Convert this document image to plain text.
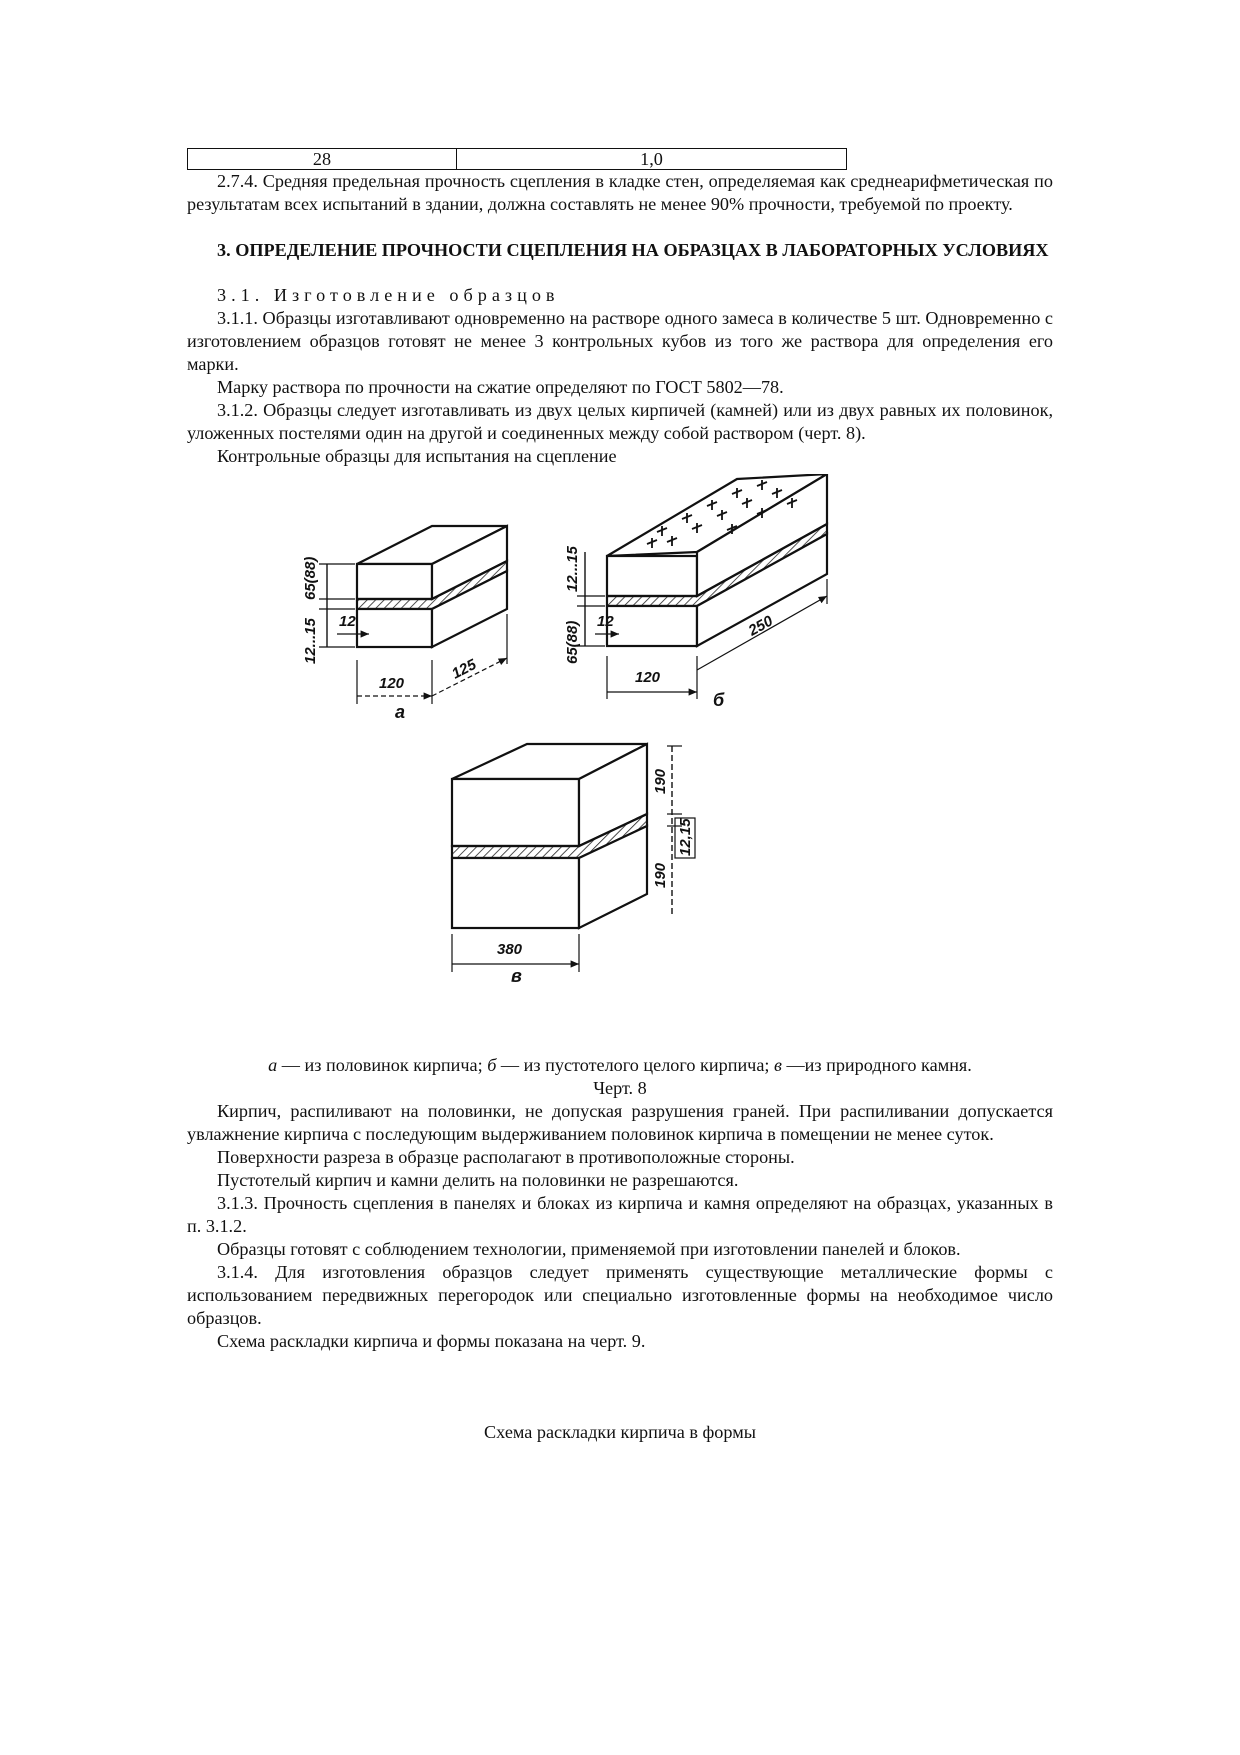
28	1,0

2.7.4. Средняя предельная прочность сцепления в кладке стен, определяемая как среднеарифметическая по результатам всех испытаний в здании, должна составлять не менее 90% прочности, требуемой по проекту.

3. ОПРЕДЕЛЕНИЕ ПРОЧНОСТИ СЦЕПЛЕНИЯ НА ОБРАЗЦАХ В ЛАБОРАТОРНЫХ УСЛОВИЯХ

3.1. Изготовление образцов

3.1.1. Образцы изготавливают одновременно на растворе одного замеса в количестве 5 шт. Одновременно с изготовлением образцов готовят не менее 3 контрольных кубов из того же раствора для определения его марки.

Марку раствора по прочности на сжатие определяют по ГОСТ 5802—78.

3.1.2. Образцы следует изготавливать из двух целых кирпичей (камней) или из двух равных их половинок, уложенных постелями один на другой и соединенных между собой раствором (черт. 8).

Контрольные образцы для испытания на сцепление

65(88)
12...15 12
120
125
а
12...15
65(88) 12
120
250
б
190
12,15
190
380
в

а — из половинок кирпича; б — из пустотелого целого кирпича; в —из природного камня.

Черт. 8

Кирпич, распиливают на половинки, не допуская разрушения граней. При распиливании допускается увлажнение кирпича с последующим выдерживанием половинок кирпича в помещении не менее суток.

Поверхности разреза в образце располагают в противоположные стороны.

Пустотелый кирпич и камни делить на половинки не разрешаются.

3.1.3. Прочность сцепления в панелях и блоках из кирпича и камня определяют на образцах, указанных в п. 3.1.2.

Образцы готовят с соблюдением технологии, применяемой при изготовлении панелей и блоков.

3.1.4. Для изготовления образцов следует применять существующие металлические формы с использованием передвижных перегородок или специально изготовленные формы на необходимое число образцов.

Схема раскладки кирпича и формы показана на черт. 9.

Схема раскладки кирпича в формы
